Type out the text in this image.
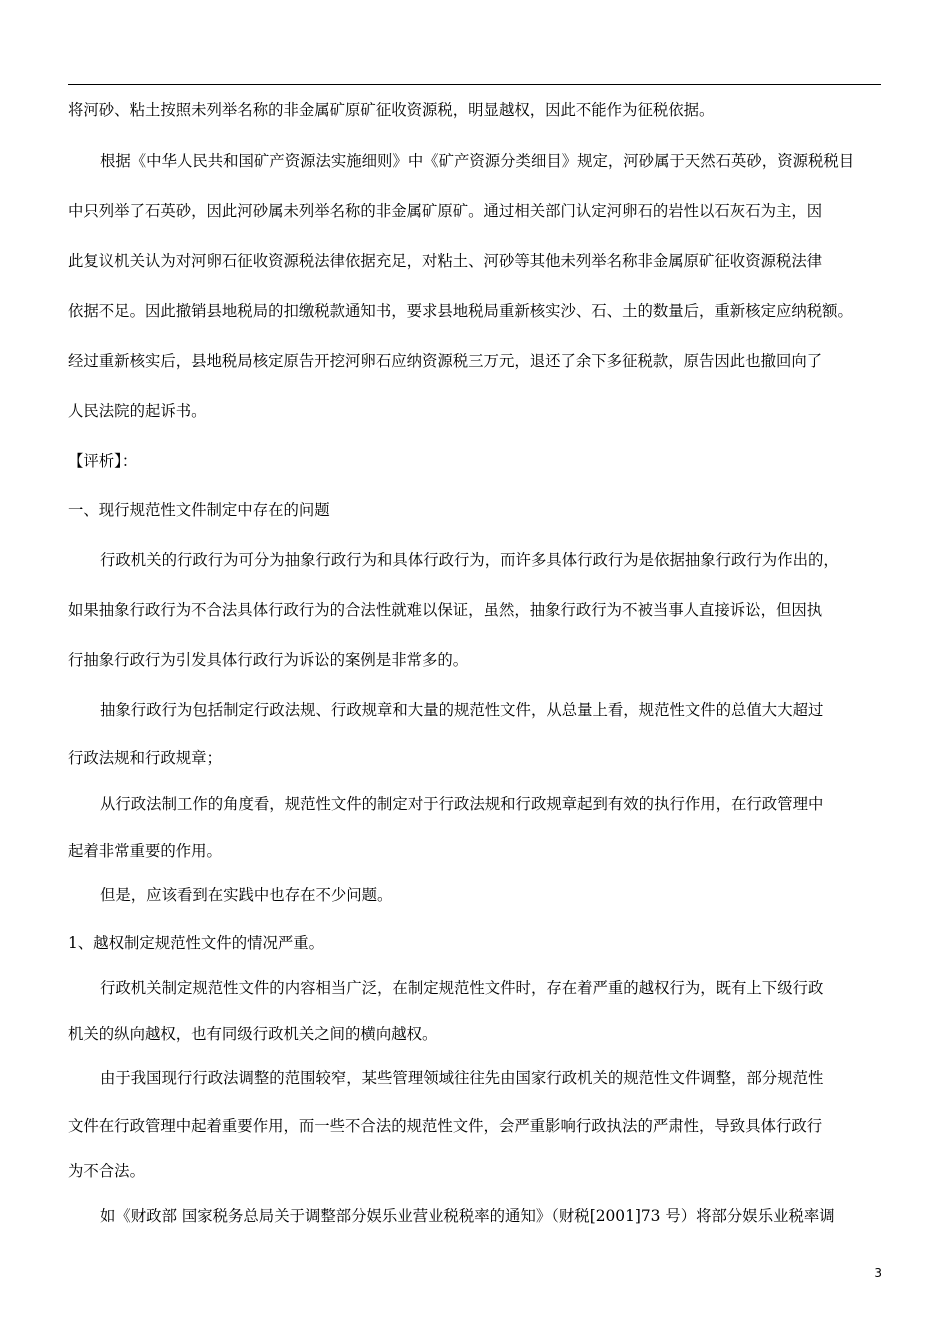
将河砂、粘土按照未列举名称的非金属矿原矿征收资源税，明显越权，因此不能作为征税依据。
根据《中华人民共和国矿产资源法实施细则》中《矿产资源分类细目》规定，河砂属于天然石英砂，资源税税目
中只列举了石英砂，因此河砂属未列举名称的非金属矿原矿。通过相关部门认定河卵石的岩性以石灰石为主，因
此复议机关认为对河卵石征收资源税法律依据充足，对粘土、河砂等其他未列举名称非金属原矿征收资源税法律
依据不足。因此撤销县地税局的扣缴税款通知书，要求县地税局重新核实沙、石、土的数量后，重新核定应纳税额。
经过重新核实后，县地税局核定原告开挖河卵石应纳资源税三万元，退还了余下多征税款，原告因此也撤回向了
人民法院的起诉书。
【评析】：
一、现行规范性文件制定中存在的问题
行政机关的行政行为可分为抽象行政行为和具体行政行为，而许多具体行政行为是依据抽象行政行为作出的，
如果抽象行政行为不合法具体行政行为的合法性就难以保证，虽然，抽象行政行为不被当事人直接诉讼，但因执
行抽象行政行为引发具体行政行为诉讼的案例是非常多的。
抽象行政行为包括制定行政法规、行政规章和大量的规范性文件，从总量上看，规范性文件的总值大大超过
行政法规和行政规章；
从行政法制工作的角度看，规范性文件的制定对于行政法规和行政规章起到有效的执行作用，在行政管理中
起着非常重要的作用。
但是，应该看到在实践中也存在不少问题。
1、越权制定规范性文件的情况严重。
行政机关制定规范性文件的内容相当广泛，在制定规范性文件时，存在着严重的越权行为，既有上下级行政
机关的纵向越权，也有同级行政机关之间的横向越权。
由于我国现行行政法调整的范围较窄，某些管理领域往往先由国家行政机关的规范性文件调整，部分规范性
文件在行政管理中起着重要作用，而一些不合法的规范性文件，会严重影响行政执法的严肃性，导致具体行政行
为不合法。
如《财政部 国家税务总局关于调整部分娱乐业营业税税率的通知》（财税[2001]73 号）将部分娱乐业税率调
3
